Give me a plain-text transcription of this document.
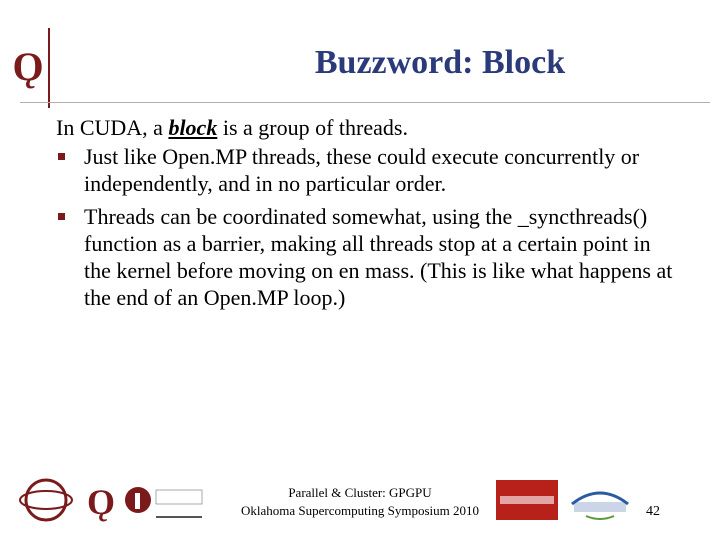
Ǫ	Buzzword: Block

In CUDA, a block is a group of threads.

Just like Open.MP threads, these could execute concurrently or independently, and in no particular order.
Threads can be coordinated somewhat, using the _syncthreads() function as a barrier, making all threads stop at a certain point in the kernel before moving on en mass. (This is like what happens at the end of an Open.MP loop.)
Ǫ	Parallel & Cluster: GPGPU
Oklahoma Supercomputing Symposium 2010	42
